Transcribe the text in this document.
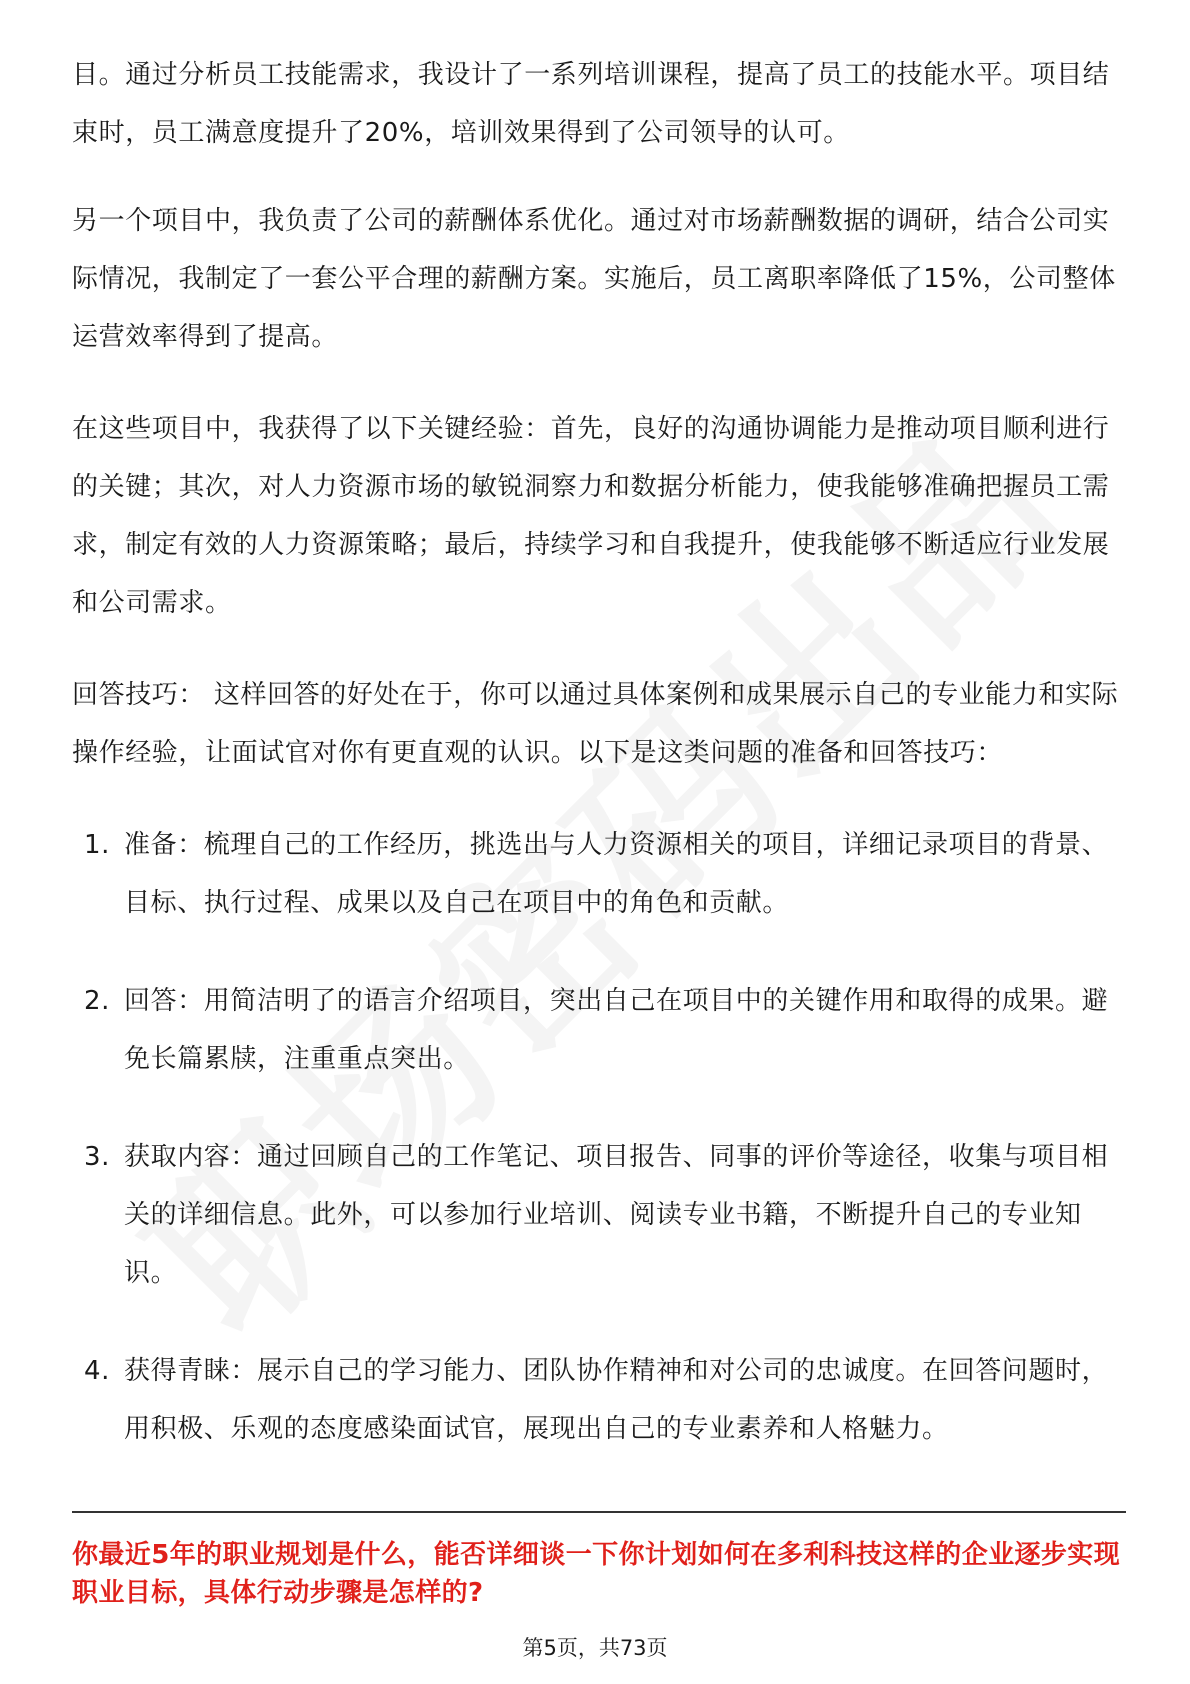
目。通过分析员工技能需求，我设计了一系列培训课程，提高了员工的技能水平。项目结束时，员工满意度提升了20%，培训效果得到了公司领导的认可。

另一个项目中，我负责了公司的薪酬体系优化。通过对市场薪酬数据的调研，结合公司实际情况，我制定了一套公平合理的薪酬方案。实施后，员工离职率降低了15%，公司整体运营效率得到了提高。

在这些项目中，我获得了以下关键经验：首先，良好的沟通协调能力是推动项目顺利进行的关键；其次，对人力资源市场的敏锐洞察力和数据分析能力，使我能够准确把握员工需求，制定有效的人力资源策略；最后，持续学习和自我提升，使我能够不断适应行业发展和公司需求。

回答技巧： 这样回答的好处在于，你可以通过具体案例和成果展示自己的专业能力和实际操作经验，让面试官对你有更直观的认识。以下是这类问题的准备和回答技巧：

1. 准备：梳理自己的工作经历，挑选出与人力资源相关的项目，详细记录项目的背景、目标、执行过程、成果以及自己在项目中的角色和贡献。
2. 回答：用简洁明了的语言介绍项目，突出自己在项目中的关键作用和取得的成果。避免长篇累牍，注重重点突出。
3. 获取内容：通过回顾自己的工作笔记、项目报告、同事的评价等途径，收集与项目相关的详细信息。此外，可以参加行业培训、阅读专业书籍，不断提升自己的专业知识。
4. 获得青睐：展示自己的学习能力、团队协作精神和对公司的忠诚度。在回答问题时，用积极、乐观的态度感染面试官，展现出自己的专业素养和人格魅力。

你最近5年的职业规划是什么，能否详细谈一下你计划如何在多利科技这样的企业逐步实现职业目标，具体行动步骤是怎样的?

第5页，共73页
